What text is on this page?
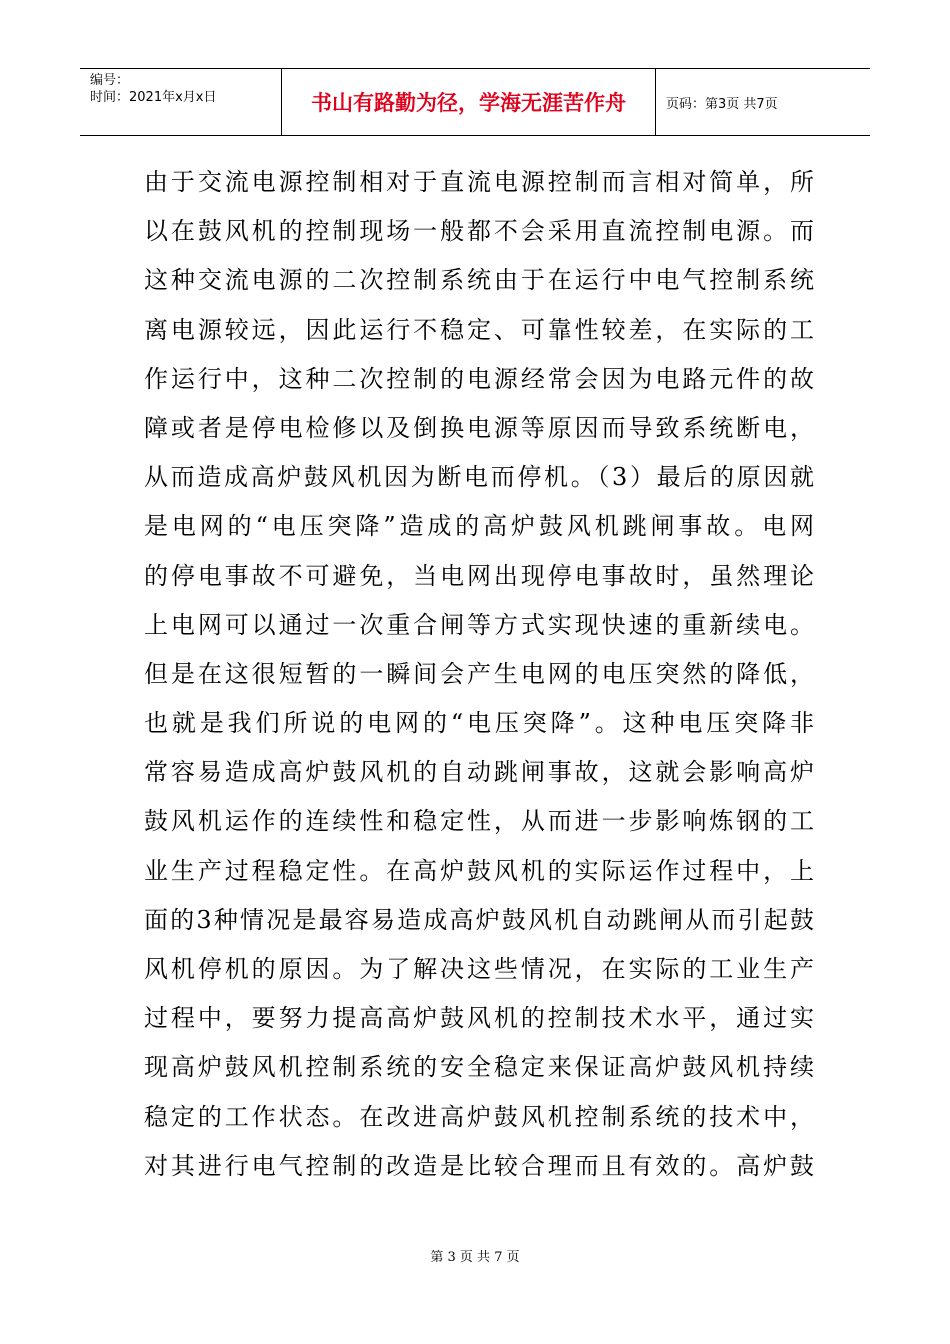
编号：
时间：2021年x月x日	书山有路勤为径，学海无涯苦作舟	页码：第3页 共7页
由于交流电源控制相对于直流电源控制而言相对简单，所
以在鼓风机的控制现场一般都不会采用直流控制电源。而
这种交流电源的二次控制系统由于在运行中电气控制系统
离电源较远，因此运行不稳定、可靠性较差，在实际的工
作运行中，这种二次控制的电源经常会因为电路元件的故
障或者是停电检修以及倒换电源等原因而导致系统断电，
从而造成高炉鼓风机因为断电而停机。（3）最后的原因就
是电网的“电压突降”造成的高炉鼓风机跳闸事故。电网
的停电事故不可避免，当电网出现停电事故时，虽然理论
上电网可以通过一次重合闸等方式实现快速的重新续电。
但是在这很短暂的一瞬间会产生电网的电压突然的降低，
也就是我们所说的电网的“电压突降”。这种电压突降非
常容易造成高炉鼓风机的自动跳闸事故，这就会影响高炉
鼓风机运作的连续性和稳定性，从而进一步影响炼钢的工
业生产过程稳定性。在高炉鼓风机的实际运作过程中，上
面的3种情况是最容易造成高炉鼓风机自动跳闸从而引起鼓
风机停机的原因。为了解决这些情况，在实际的工业生产
过程中，要努力提高高炉鼓风机的控制技术水平，通过实
现高炉鼓风机控制系统的安全稳定来保证高炉鼓风机持续
稳定的工作状态。在改进高炉鼓风机控制系统的技术中，
对其进行电气控制的改造是比较合理而且有效的。高炉鼓
第 3 页 共 7 页
